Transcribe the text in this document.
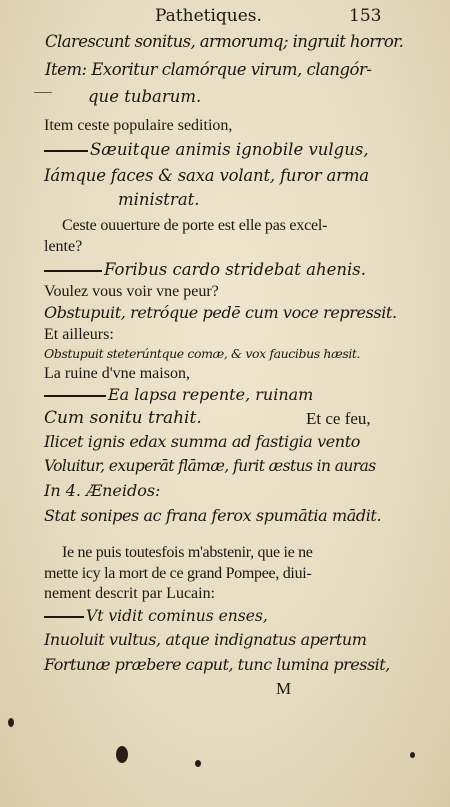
Pathetiques.	153
Clarescunt sonitus, armorumq; ingruit horror.
Item: Exoritur clamórque virum, clangór-
que tubarum.
Item ceste populaire sedition,
Sæuitque animis ignobile vulgus,
Iámque faces & saxa volant, furor arma
ministrat.
Ceste ouuerture de porte est elle pas excel-
lente?
Foribus cardo stridebat ahenis.
Voulez vous voir vne peur?
Obstupuit, retróque pedē cum voce repressit.
Et ailleurs:
Obstupuit steterúntque comæ, & vox faucibus hæsit.
La ruine d'vne maison,
Ea lapsa repente, ruinam
Cum sonitu trahit.	Et ce feu,
Ilicet ignis edax summa ad fastigia vento
Voluitur, exuperāt flāmæ, furit æstus in auras
In 4. Æneidos:
Stat sonipes ac frana ferox spumātia mādit.
Ie ne puis toutesfois m'abstenir, que ie ne
mette icy la mort de ce grand Pompee, diui-
nement descrit par Lucain:
Vt vidit cominus enses,
Inuoluit vultus, atque indignatus apertum
Fortunæ præbere caput, tunc lumina pressit,
M
